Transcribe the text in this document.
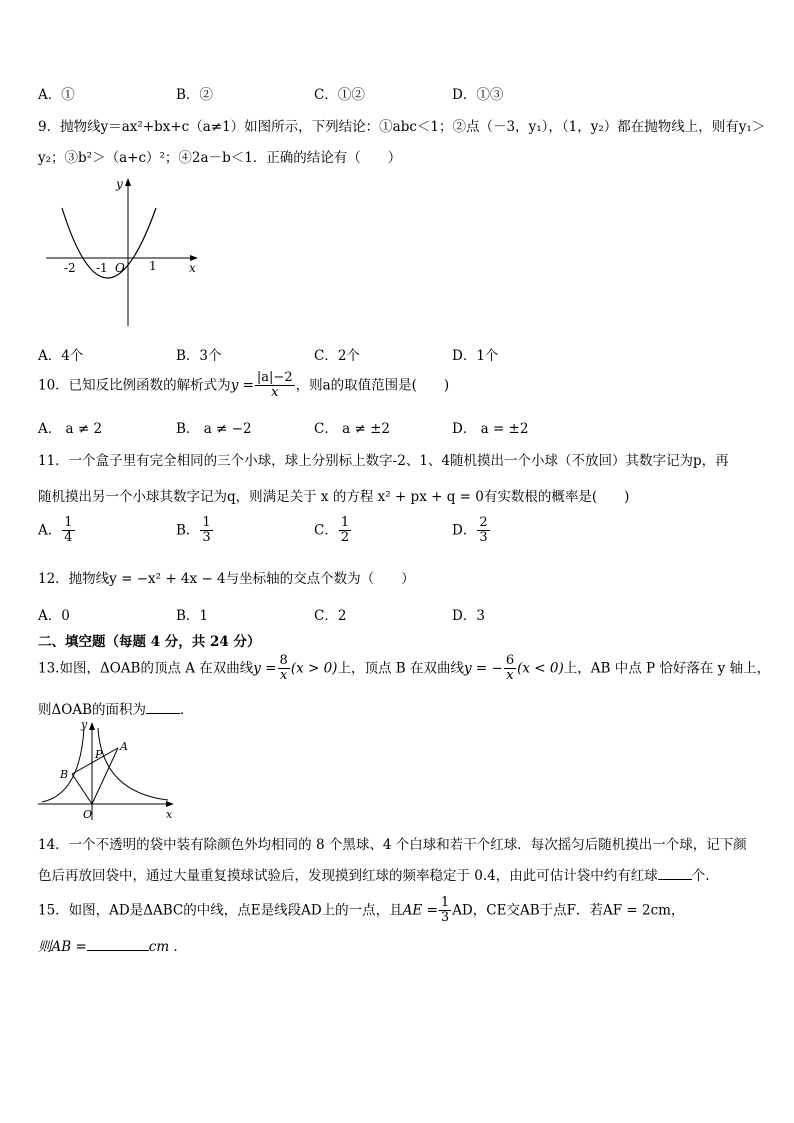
A．①	B．②	C．①②	D．①③
9．抛物线y＝ax²+bx+c（a≠1）如图所示，下列结论：①abc＜1；②点（－3，y₁），（1，y₂）都在抛物线上，则有y₁＞
y₂；③b²＞（a+c）²；④2a－b＜1．正确的结论有（　　）
y
x
-2 -1 O 1
A．4个	B．3个	C．2个	D．1个
10．已知反比例函数的解析式为$y = \frac{|a|-2}{x}$ ，则a的取值范围是(　　)
A． a ≠ 2	B． a ≠ −2	C． a ≠ ±2	D． a = ±2
11．一个盒子里有完全相同的三个小球，球上分别标上数字-2、1、4随机摸出一个小球（不放回）其数字记为p，再
随机摸出另一个小球其数字记为q，则满足关于 x 的方程 x² + px + q = 0有实数根的概率是(　　)
A． $\frac{1}{4}$	B． $\frac{1}{3}$	C． $\frac{1}{2}$	D． $\frac{2}{3}$
12．抛物线y = −x² + 4x − 4与坐标轴的交点个数为（　　）
A．0	B．1	C．2	D．3
二、填空题（每题 4 分，共 24 分）
13.如图，ΔOAB的顶点 A 在双曲线$y = \frac{8}{x} (x > 0)$上，顶点 B 在双曲线y = − $\frac{6}{x} (x < 0)$上，AB 中点 P 恰好落在 y 轴上，
则ΔOAB的面积为	．
y
x
P
A
B
O
14．一个不透明的袋中装有除颜色外均相同的 8 个黑球、4 个白球和若干个红球．每次摇匀后随机摸出一个球，记下颜
色后再放回袋中，通过大量重复摸球试验后，发现摸到红球的频率稳定于 0.4，由此可估计袋中约有红球	个.
15．如图，AD是ΔABC的中线，点E是线段AD上的一点，且AE = $\frac{1}{3}$ AD，CE交AB于点F．若AF = 2cm，
则AB =	cm .
